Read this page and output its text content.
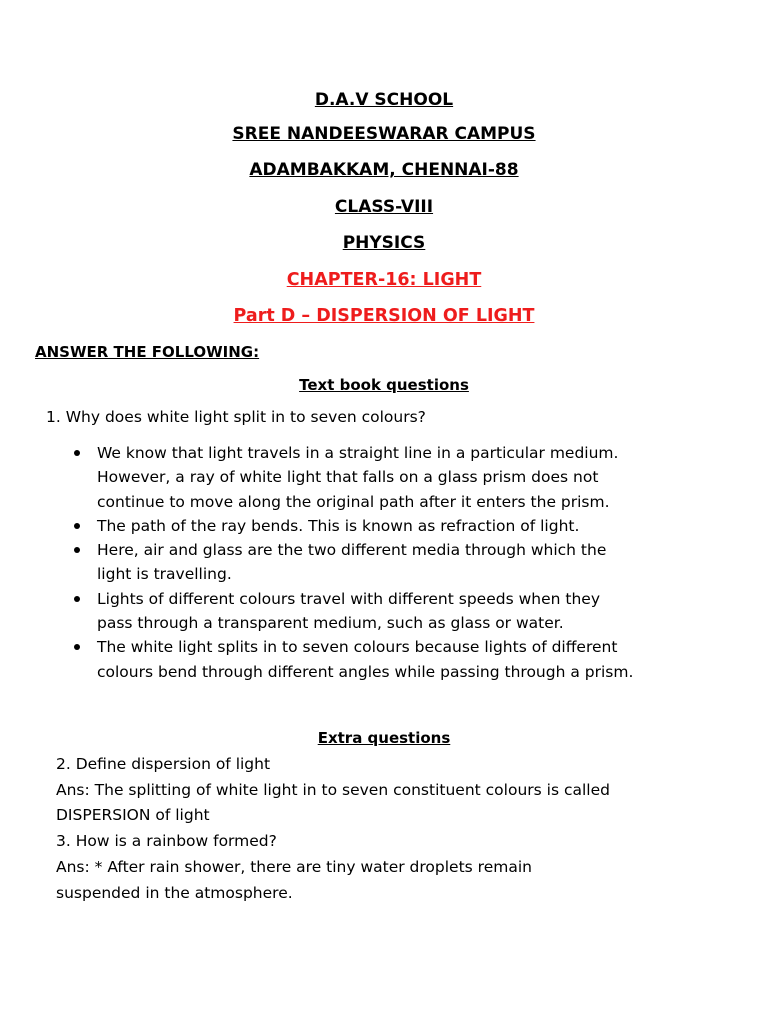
D.A.V SCHOOL
SREE NANDEESWARAR CAMPUS
ADAMBAKKAM, CHENNAI-88
CLASS-VIII
PHYSICS
CHAPTER-16: LIGHT
Part D – DISPERSION OF LIGHT
ANSWER THE FOLLOWING:
Text book questions
1. Why does white light split in to seven colours?
We know that light travels in a straight line in a particular medium.
However, a ray of white light that falls on a glass prism does not
continue to move along the original path after it enters the prism.
The path of the ray bends. This is known as refraction of light.
Here, air and glass are the two different media through which the
light is travelling.
Lights of different colours travel with different speeds when they
pass through a transparent medium, such as glass or water.
The white light splits in to seven colours because lights of different
colours bend through different angles while passing through a prism.
Extra questions
2. Define dispersion of light
Ans: The splitting of white light in to seven constituent colours is called
DISPERSION of light
3. How is a rainbow formed?
Ans: * After rain shower, there are tiny water droplets remain
suspended in the atmosphere.
